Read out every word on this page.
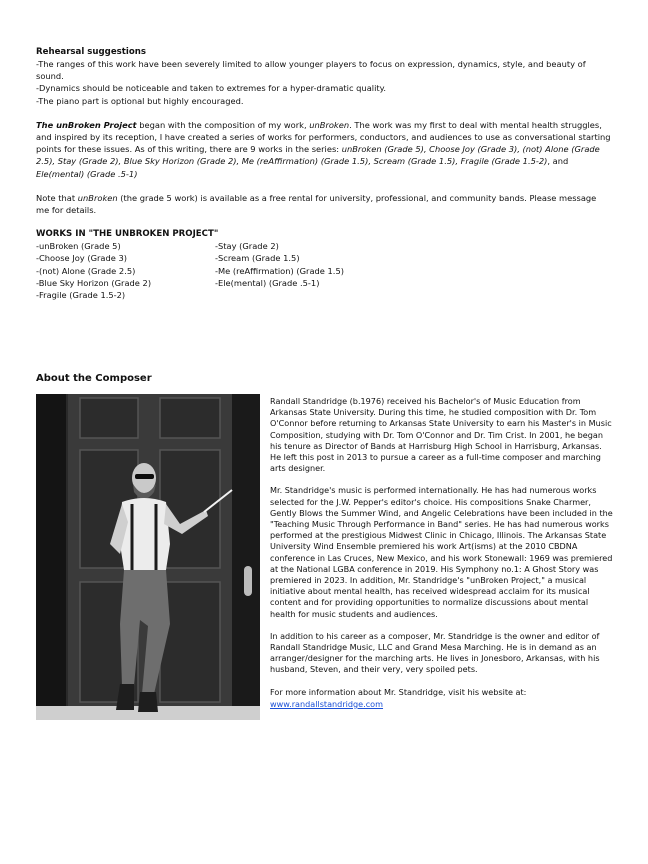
Rehearsal suggestions
-The ranges of this work have been severely limited to allow younger players to focus on expression, dynamics, style, and beauty of
sound.
-Dynamics should be noticeable and taken to extremes for a hyper-dramatic quality.
-The piano part is optional but highly encouraged.

The unBroken Project began with the composition of my work, unBroken. The work was my first to deal with mental health struggles, and inspired by its reception, I have created a series of works for performers, conductors, and audiences to use as conversational starting points for these issues. As of this writing, there are 9 works in the series: unBroken (Grade 5), Choose Joy (Grade 3), (not) Alone (Grade 2.5), Stay (Grade 2), Blue Sky Horizon (Grade 2), Me (reAffirmation) (Grade 1.5), Scream (Grade 1.5), Fragile (Grade 1.5-2), and Ele(mental) (Grade .5-1)

Note that unBroken (the grade 5 work) is available as a free rental for university, professional, and community bands. Please message me for details.

WORKS IN "THE UNBROKEN PROJECT"
-unBroken (Grade 5)
-Choose Joy (Grade 3)
-(not) Alone (Grade 2.5)
-Blue Sky Horizon (Grade 2)
-Fragile (Grade 1.5-2)
-Stay (Grade 2)
-Scream (Grade 1.5)
-Me (reAffirmation) (Grade 1.5)
-Ele(mental) (Grade .5-1)
About the Composer

Randall Standridge (b.1976) received his Bachelor's of Music Education from Arkansas State University. During this time, he studied composition with Dr. Tom O'Connor before returning to Arkansas State University to earn his Master's in Music Composition, studying with Dr. Tom O'Connor and Dr. Tim Crist. In 2001, he began his tenure as Director of Bands at Harrisburg High School in Harrisburg, Arkansas. He left this post in 2013 to pursue a career as a full-time composer and marching arts designer.

Mr. Standridge's music is performed internationally. He has had numerous works selected for the J.W. Pepper's editor's choice. His compositions Snake Charmer, Gently Blows the Summer Wind, and Angelic Celebrations have been included in the "Teaching Music Through Performance in Band" series. He has had numerous works performed at the prestigious Midwest Clinic in Chicago, Illinois. The Arkansas State University Wind Ensemble premiered his work Art(isms) at the 2010 CBDNA conference in Las Cruces, New Mexico, and his work Stonewall: 1969 was premiered at the National LGBA conference in 2019. His Symphony no.1: A Ghost Story was premiered in 2023. In addition, Mr. Standridge's "unBroken Project," a musical initiative about mental health, has received widespread acclaim for its musical content and for providing opportunities to normalize discussions about mental health for music students and audiences.

In addition to his career as a composer, Mr. Standridge is the owner and editor of Randall Standridge Music, LLC and Grand Mesa Marching. He is in demand as an arranger/designer for the marching arts. He lives in Jonesboro, Arkansas, with his husband, Steven, and their very, very spoiled pets.

For more information about Mr. Standridge, visit his website at:
www.randallstandridge.com
